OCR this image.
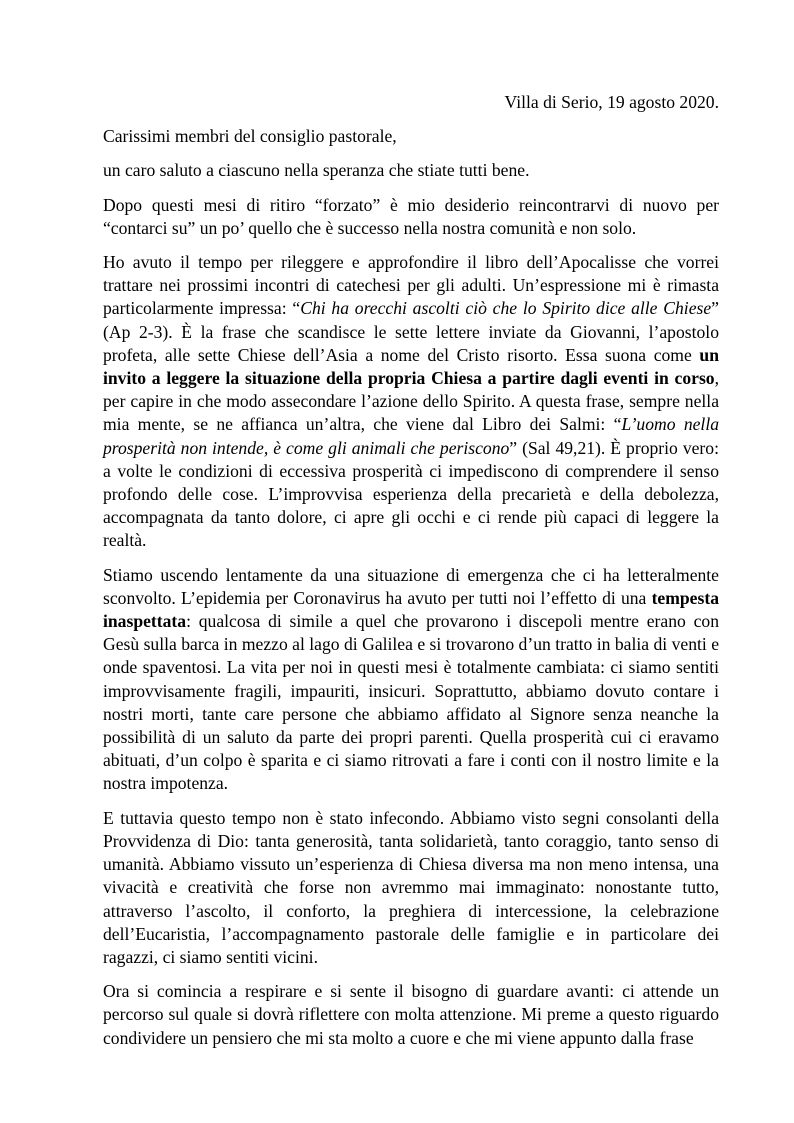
Villa di Serio, 19 agosto 2020.

Carissimi membri del consiglio pastorale,

un caro saluto a ciascuno nella speranza che stiate tutti bene.

Dopo questi mesi di ritiro “forzato” è mio desiderio reincontrarvi di nuovo per “contarci su” un po’ quello che è successo nella nostra comunità e non solo.

Ho avuto il tempo per rileggere e approfondire il libro dell’Apocalisse che vorrei trattare nei prossimi incontri di catechesi per gli adulti. Un’espressione mi è rimasta particolarmente impressa: “Chi ha orecchi ascolti ciò che lo Spirito dice alle Chiese” (Ap 2-3). È la frase che scandisce le sette lettere inviate da Giovanni, l’apostolo profeta, alle sette Chiese dell’Asia a nome del Cristo risorto. Essa suona come un invito a leggere la situazione della propria Chiesa a partire dagli eventi in corso, per capire in che modo assecondare l’azione dello Spirito. A questa frase, sempre nella mia mente, se ne affianca un’altra, che viene dal Libro dei Salmi: “L’uomo nella prosperità non intende, è come gli animali che periscono” (Sal 49,21). È proprio vero: a volte le condizioni di eccessiva prosperità ci impediscono di comprendere il senso profondo delle cose. L’improvvisa esperienza della precarietà e della debolezza, accompagnata da tanto dolore, ci apre gli occhi e ci rende più capaci di leggere la realtà.

Stiamo uscendo lentamente da una situazione di emergenza che ci ha letteralmente sconvolto. L’epidemia per Coronavirus ha avuto per tutti noi l’effetto di una tempesta inaspettata: qualcosa di simile a quel che provarono i discepoli mentre erano con Gesù sulla barca in mezzo al lago di Galilea e si trovarono d’un tratto in balia di venti e onde spaventosi. La vita per noi in questi mesi è totalmente cambiata: ci siamo sentiti improvvisamente fragili, impauriti, insicuri. Soprattutto, abbiamo dovuto contare i nostri morti, tante care persone che abbiamo affidato al Signore senza neanche la possibilità di un saluto da parte dei propri parenti. Quella prosperità cui ci eravamo abituati, d’un colpo è sparita e ci siamo ritrovati a fare i conti con il nostro limite e la nostra impotenza.

E tuttavia questo tempo non è stato infecondo. Abbiamo visto segni consolanti della Provvidenza di Dio: tanta generosità, tanta solidarietà, tanto coraggio, tanto senso di umanità. Abbiamo vissuto un’esperienza di Chiesa diversa ma non meno intensa, una vivacità e creatività che forse non avremmo mai immaginato: nonostante tutto, attraverso l’ascolto, il conforto, la preghiera di intercessione, la celebrazione dell’Eucaristia, l’accompagnamento pastorale delle famiglie e in particolare dei ragazzi, ci siamo sentiti vicini.

Ora si comincia a respirare e si sente il bisogno di guardare avanti: ci attende un percorso sul quale si dovrà riflettere con molta attenzione. Mi preme a questo riguardo condividere un pensiero che mi sta molto a cuore e che mi viene appunto dalla frase
